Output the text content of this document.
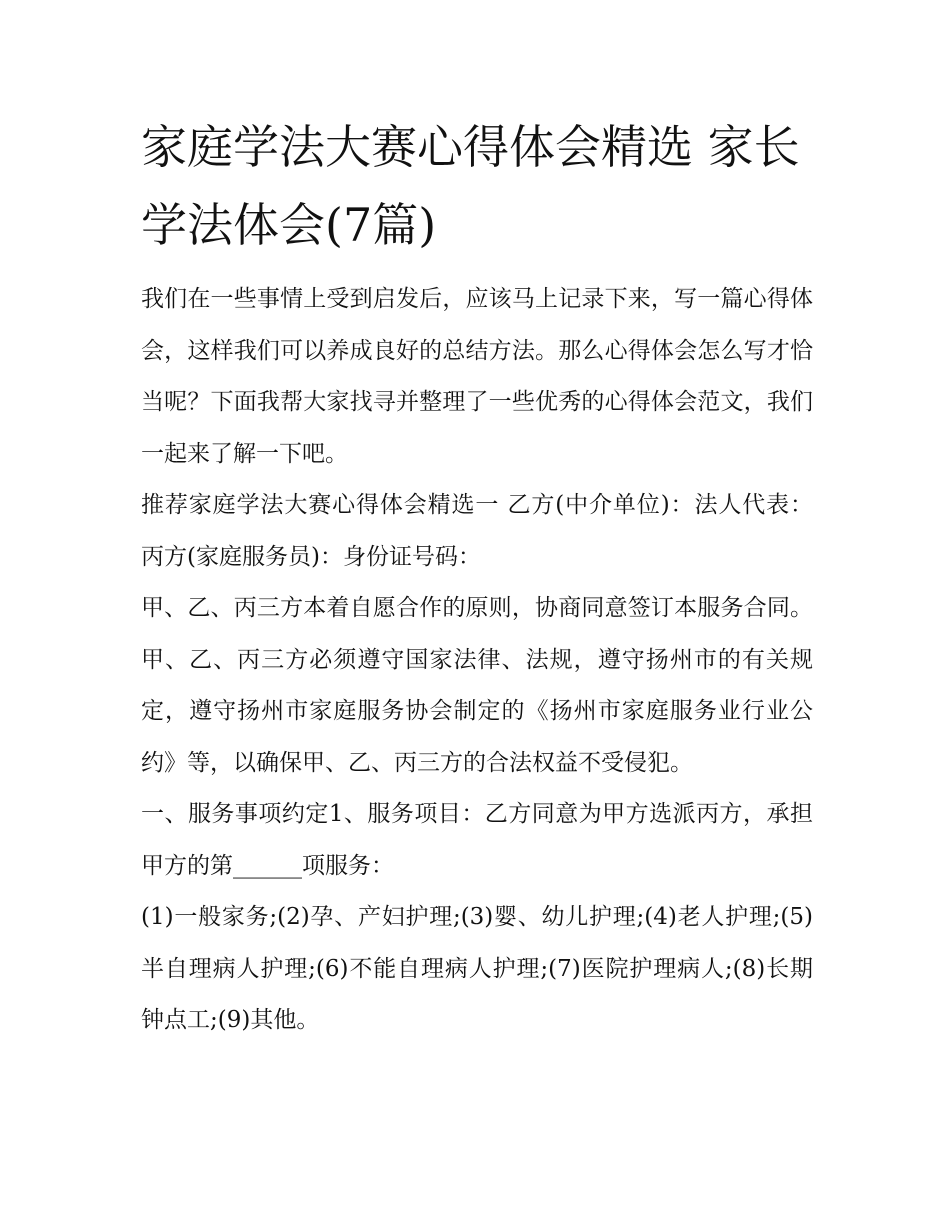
家庭学法大赛心得体会精选 家长学法体会(7篇)

我们在一些事情上受到启发后，应该马上记录下来，写一篇心得体会，这样我们可以养成良好的总结方法。那么心得体会怎么写才恰当呢？下面我帮大家找寻并整理了一些优秀的心得体会范文，我们一起来了解一下吧。

推荐家庭学法大赛心得体会精选一 乙方(中介单位)：法人代表： 丙方(家庭服务员)：身份证号码：

甲、乙、丙三方本着自愿合作的原则，协商同意签订本服务合同。甲、乙、丙三方必须遵守国家法律、法规，遵守扬州市的有关规定，遵守扬州市家庭服务协会制定的《扬州市家庭服务业行业公约》等，以确保甲、乙、丙三方的合法权益不受侵犯。

一、服务事项约定1、服务项目：乙方同意为甲方选派丙方，承担甲方的第______项服务：

(1)一般家务;(2)孕、产妇护理;(3)婴、幼儿护理;(4)老人护理;(5)半自理病人护理;(6)不能自理病人护理;(7)医院护理病人;(8)长期钟点工;(9)其他。
